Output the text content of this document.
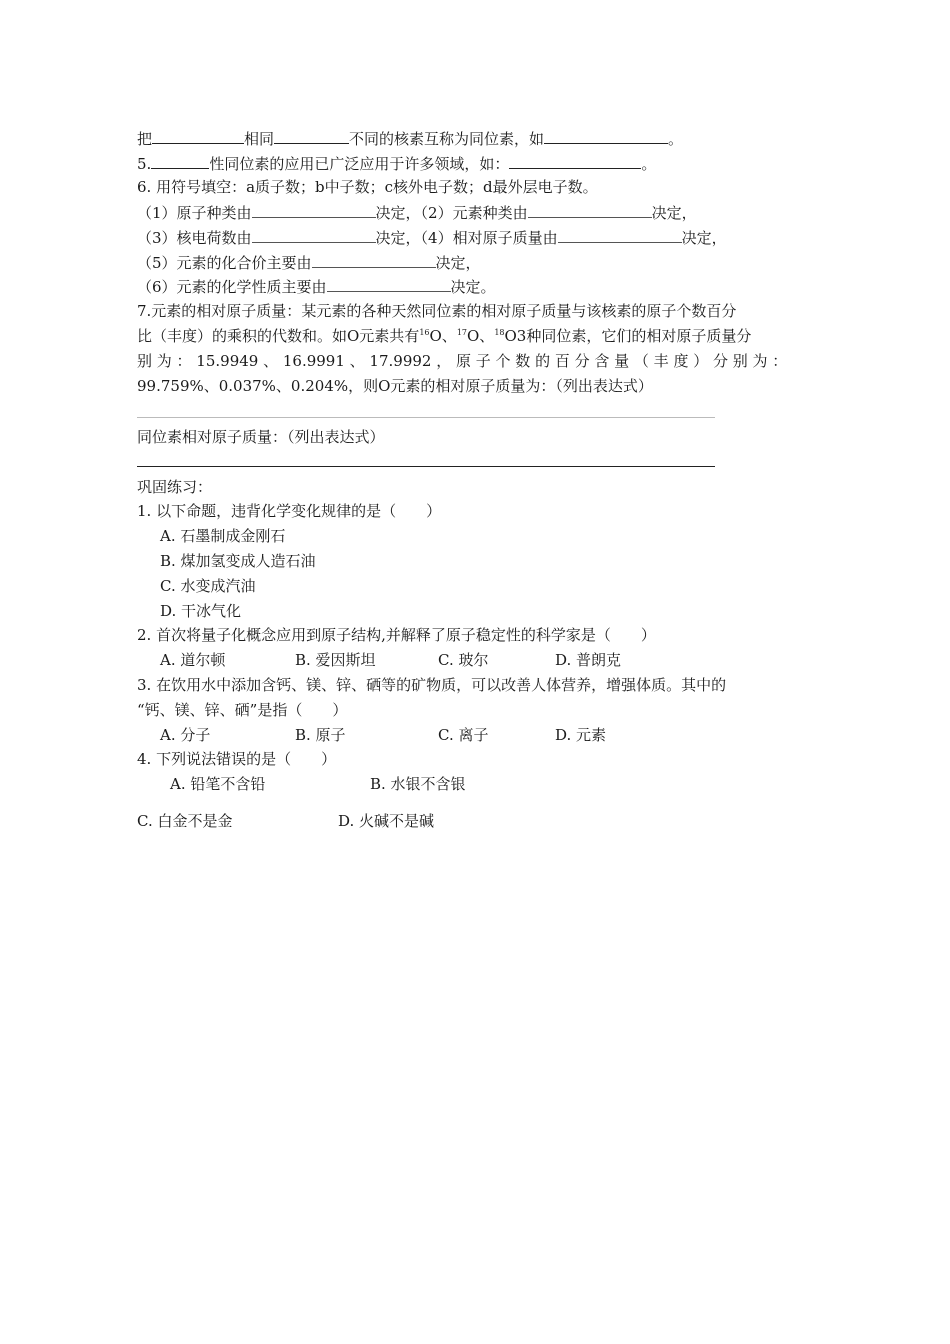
把	相同	不同的核素互称为同位素，如	。
5.	性同位素的应用已广泛应用于许多领域，如：	。
6. 用符号填空：a质子数；b中子数；c核外电子数；d最外层电子数。
（1）原子种类由	决定，（2）元素种类由	决定，
（3）核电荷数由	决定，（4）相对原子质量由	决定，
（5）元素的化合价主要由	决定，
（6）元素的化学性质主要由	决定。
7.元素的相对原子质量：某元素的各种天然同位素的相对原子质量与该核素的原子个数百分
比（丰度）的乘积的代数和。如O元素共有$^{16}$O、$^{17}$O、$^{18}$O3种同位素，它们的相对原子质量分
别 为 ： 15.9949 、 16.9991 、 17.9992 ， 原 子 个 数 的 百 分 含 量 （ 丰 度 ） 分 别 为 ：
99.759%、0.037%、0.204%，则O元素的相对原子质量为：（列出表达式）
同位素相对原子质量：（列出表达式）
巩固练习：
1. 以下命题，违背化学变化规律的是（　　）
A. 石墨制成金刚石
B. 煤加氢变成人造石油
C. 水变成汽油
D. 干冰气化
2. 首次将量子化概念应用到原子结构,并解释了原子稳定性的科学家是（　　）
A. 道尔顿	B. 爱因斯坦	C. 玻尔	D. 普朗克
3. 在饮用水中添加含钙、镁、锌、硒等的矿物质，可以改善人体营养，增强体质。其中的
“钙、镁、锌、硒”是指（　　）
A. 分子	B. 原子	C. 离子	D. 元素
4. 下列说法错误的是（　　）
A. 铅笔不含铅	B. 水银不含银
C. 白金不是金	D. 火碱不是碱
